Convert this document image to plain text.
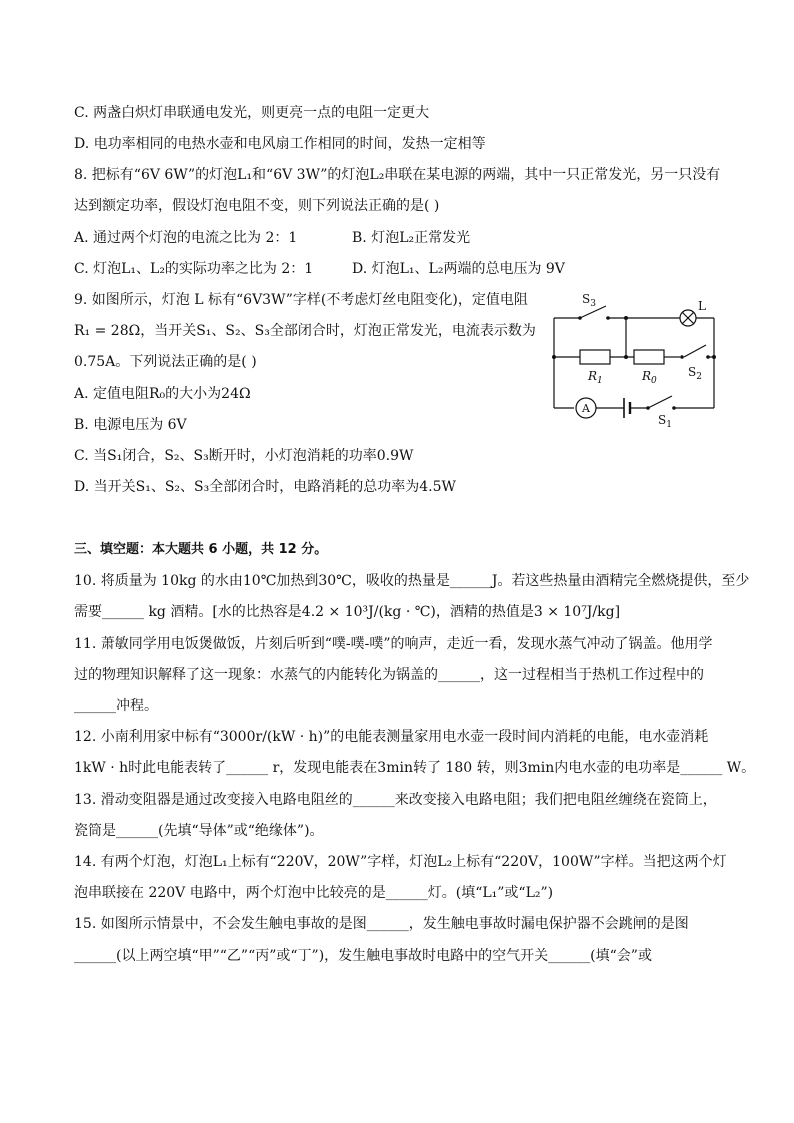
C. 两盏白炽灯串联通电发光，则更亮一点的电阻一定更大
D. 电功率相同的电热水壶和电风扇工作相同的时间，发热一定相等
8. 把标有“6V 6W”的灯泡L₁和“6V 3W”的灯泡L₂串联在某电源的两端，其中一只正常发光，另一只没有
达到额定功率，假设灯泡电阻不变，则下列说法正确的是( )
A. 通过两个灯泡的电流之比为 2：1	B. 灯泡L₂正常发光
C. 灯泡L₁、L₂的实际功率之比为 2：1	D. 灯泡L₁、L₂两端的总电压为 9V
9. 如图所示，灯泡 L 标有“6V3W”字样(不考虑灯丝电阻变化)，定值电阻
R₁ = 28Ω，当开关S₁、S₂、S₃全部闭合时，灯泡正常发光，电流表示数为
0.75A。下列说法正确的是( )
A. 定值电阻R₀的大小为24Ω
B. 电源电压为 6V
C. 当S₁闭合，S₂、S₃断开时，小灯泡消耗的功率0.9W
D. 当开关S₁、S₂、S₃全部闭合时，电路消耗的总功率为4.5W
三、填空题：本大题共 6 小题，共 12 分。
10. 将质量为 10kg 的水由10℃加热到30℃，吸收的热量是______J。若这些热量由酒精完全燃烧提供，至少
需要______ kg 酒精。[水的比热容是4.2 × 10³J/(kg · ℃)，酒精的热值是3 × 10⁷J/kg]
11. 萧敏同学用电饭煲做饭，片刻后听到“噗-噗-噗”的响声，走近一看，发现水蒸气冲动了锅盖。他用学
过的物理知识解释了这一现象：水蒸气的内能转化为锅盖的______，这一过程相当于热机工作过程中的
______冲程。
12. 小南利用家中标有“3000r/(kW · h)”的电能表测量家用电水壶一段时间内消耗的电能，电水壶消耗
1kW · h时此电能表转了______ r，发现电能表在3min转了 180 转，则3min内电水壶的电功率是______ W。
13. 滑动变阻器是通过改变接入电路电阻丝的______来改变接入电路电阻；我们把电阻丝缠绕在瓷筒上，
瓷筒是______(先填“导体”或“绝缘体”)。
14. 有两个灯泡，灯泡L₁上标有“220V，20W”字样，灯泡L₂上标有“220V，100W”字样。当把这两个灯
泡串联接在 220V 电路中，两个灯泡中比较亮的是______灯。(填“L₁”或“L₂”)
15. 如图所示情景中，不会发生触电事故的是图______，发生触电事故时漏电保护器不会跳闸的是图
______(以上两空填“甲”“乙”“丙”或“丁”)，发生触电事故时电路中的空气开关______(填“会”或
$S_3$	L
$R_1$	$R_0$
$S_2$
$S_1$
A
